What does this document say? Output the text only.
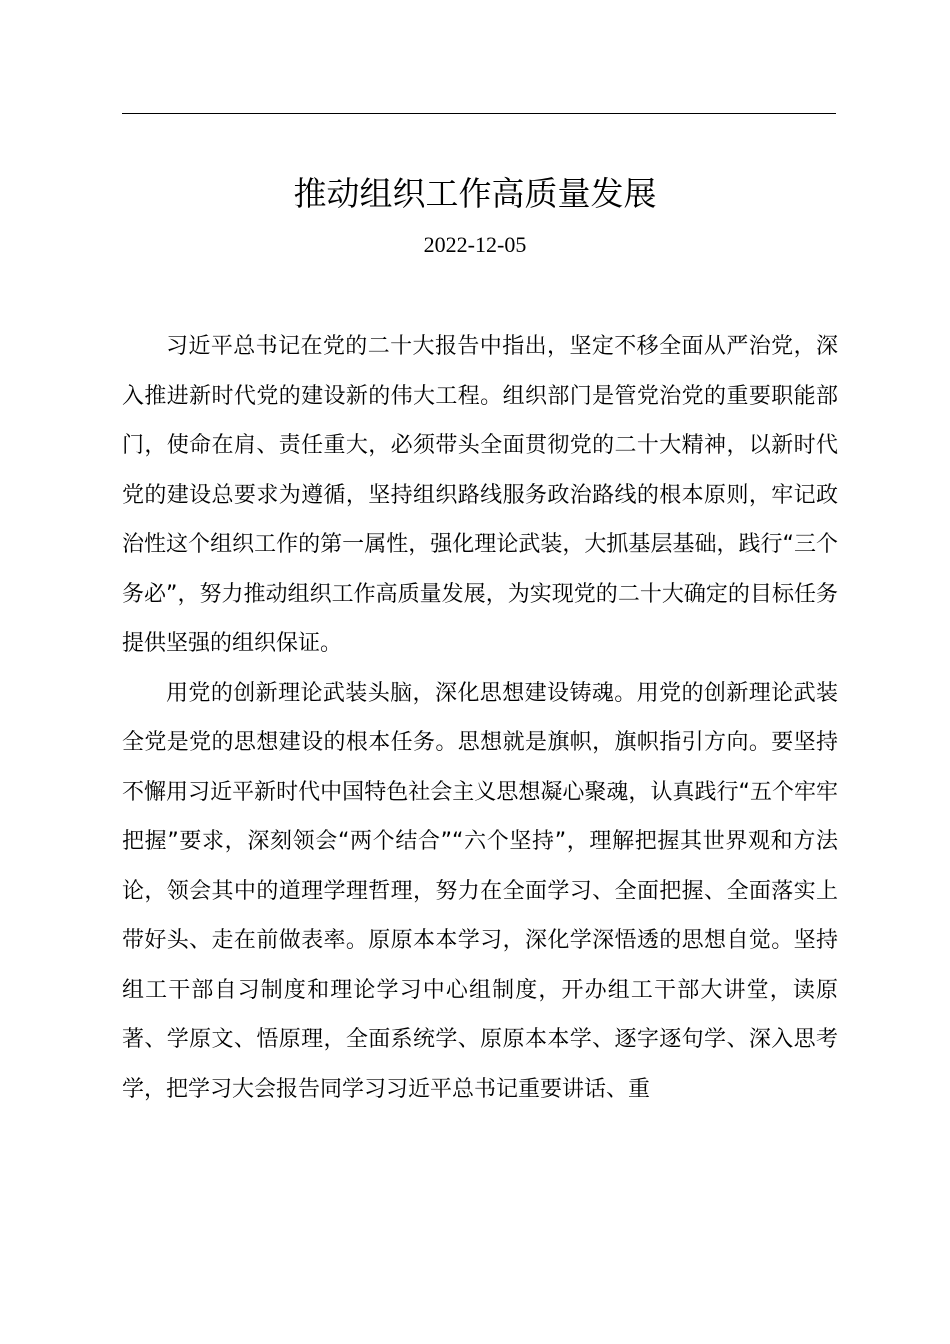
推动组织工作高质量发展
2022-12-05

习近平总书记在党的二十大报告中指出，坚定不移全面从严治党，深入推进新时代党的建设新的伟大工程。组织部门是管党治党的重要职能部门，使命在肩、责任重大，必须带头全面贯彻党的二十大精神，以新时代党的建设总要求为遵循，坚持组织路线服务政治路线的根本原则，牢记政治性这个组织工作的第一属性，强化理论武装，大抓基层基础，践行“三个务必”，努力推动组织工作高质量发展，为实现党的二十大确定的目标任务提供坚强的组织保证。

用党的创新理论武装头脑，深化思想建设铸魂。用党的创新理论武装全党是党的思想建设的根本任务。思想就是旗帜，旗帜指引方向。要坚持不懈用习近平新时代中国特色社会主义思想凝心聚魂，认真践行“五个牢牢把握”要求，深刻领会“两个结合”“六个坚持”，理解把握其世界观和方法论，领会其中的道理学理哲理，努力在全面学习、全面把握、全面落实上带好头、走在前做表率。原原本本学习，深化学深悟透的思想自觉。坚持组工干部自习制度和理论学习中心组制度，开办组工干部大讲堂，读原著、学原文、悟原理，全面系统学、原原本本学、逐字逐句学、深入思考学，把学习大会报告同学习习近平总书记重要讲话、重
